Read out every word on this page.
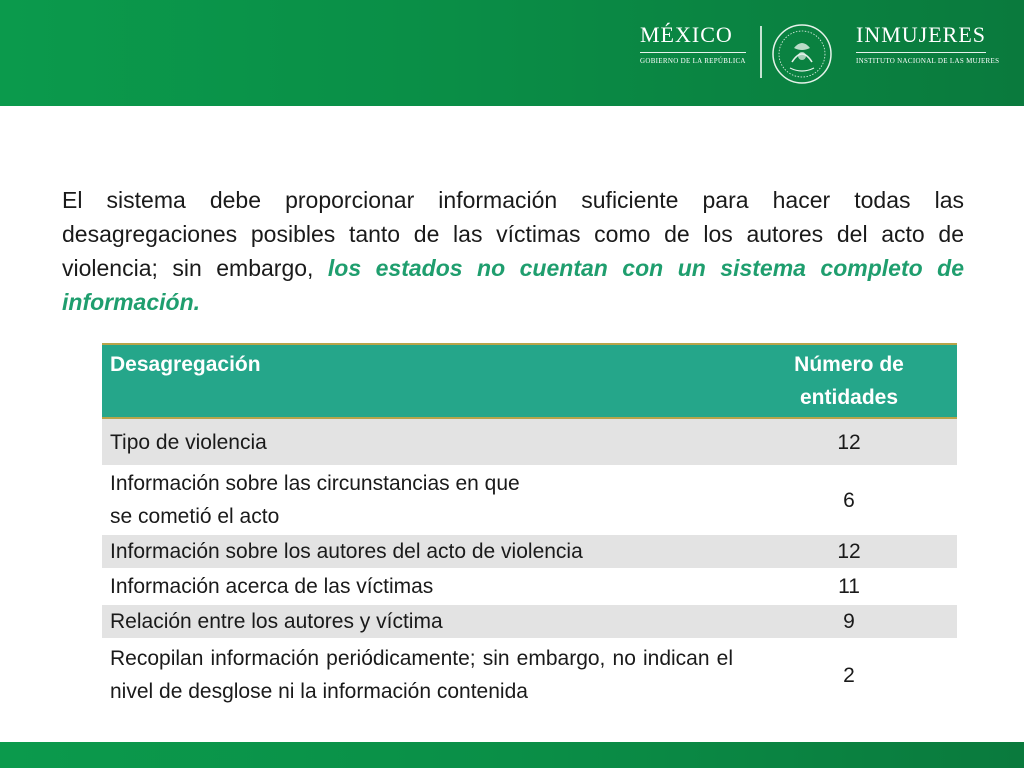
MÉXICO
GOBIERNO DE LA REPÚBLICA
INMUJERES
INSTITUTO NACIONAL DE LAS MUJERES

El sistema debe proporcionar información suficiente para hacer todas las desagregaciones posibles tanto de las víctimas como de los autores del acto de violencia; sin embargo, los estados no cuentan con un sistema completo de información.

Desagregación	Número de entidades
Tipo de violencia	12
Información sobre las circunstancias en que se cometió el acto	6
Información sobre los autores del acto de violencia	12
Información acerca de las víctimas	11
Relación entre los autores y víctima	9
Recopilan información periódicamente; sin embargo, no indican el nivel de desglose ni la información contenida	2
